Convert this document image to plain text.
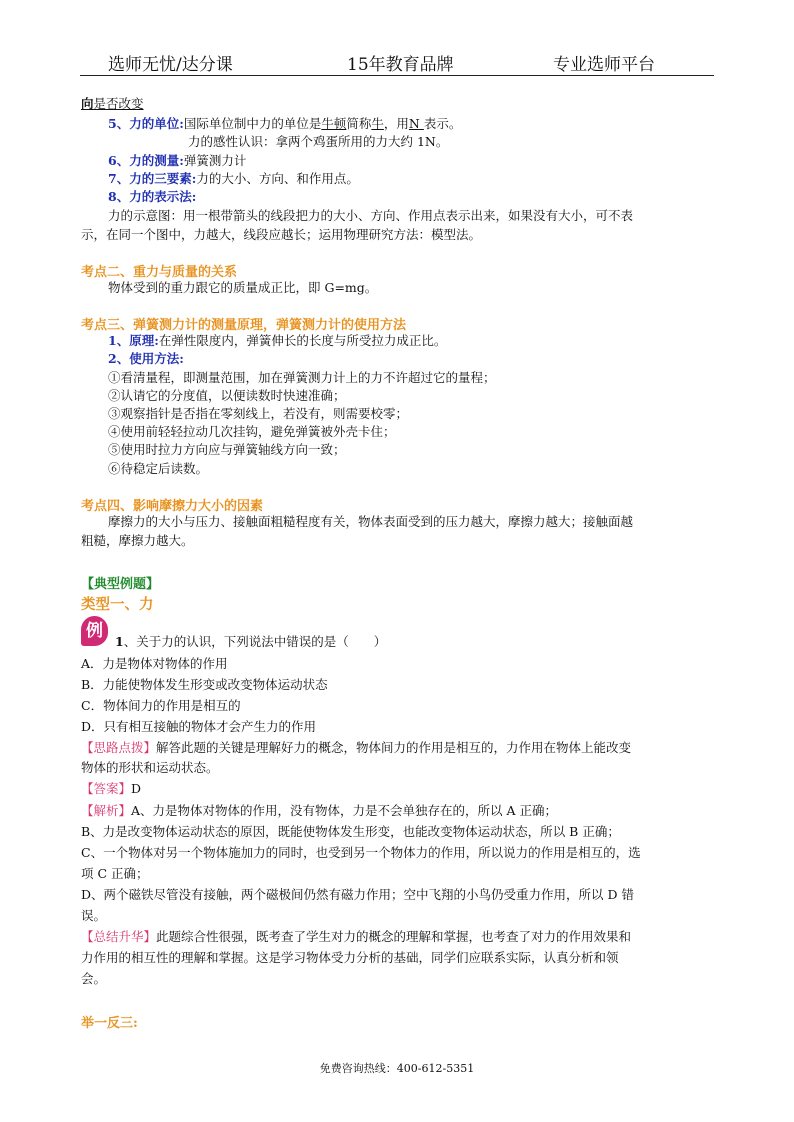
选师无忧/达分课	15年教育品牌	专业选师平台
向是否改变
5、力的单位:国际单位制中力的单位是牛顿简称牛，用N 表示。
力的感性认识：拿两个鸡蛋所用的力大约 1N。
6、力的测量:弹簧测力计
7、力的三要素:力的大小、方向、和作用点。
8、力的表示法:
力的示意图：用一根带箭头的线段把力的大小、方向、作用点表示出来，如果没有大小，可不表
示，在同一个图中，力越大，线段应越长；运用物理研究方法：模型法。
考点二、重力与质量的关系
物体受到的重力跟它的质量成正比，即 G=mg。
考点三、弹簧测力计的测量原理，弹簧测力计的使用方法
1、原理:在弹性限度内，弹簧伸长的长度与所受拉力成正比。
2、使用方法:
①看清量程，即测量范围，加在弹簧测力计上的力不许超过它的量程；
②认请它的分度值，以便读数时快速准确；
③观察指针是否指在零刻线上，若没有，则需要校零；
④使用前轻轻拉动几次挂钩，避免弹簧被外壳卡住；
⑤使用时拉力方向应与弹簧轴线方向一致；
⑥待稳定后读数。
考点四、影响摩擦力大小的因素
摩擦力的大小与压力、接触面粗糙程度有关，物体表面受到的压力越大，摩擦力越大；接触面越
粗糙，摩擦力越大。
【典型例题】
类型一、力
例
1、关于力的认识，下列说法中错误的是（　　）
A．力是物体对物体的作用
B．力能使物体发生形变或改变物体运动状态
C．物体间力的作用是相互的
D．只有相互接触的物体才会产生力的作用
【思路点拨】解答此题的关键是理解好力的概念，物体间力的作用是相互的，力作用在物体上能改变
物体的形状和运动状态。
【答案】D
【解析】A、力是物体对物体的作用，没有物体，力是不会单独存在的，所以 A 正确；
B、力是改变物体运动状态的原因，既能使物体发生形变，也能改变物体运动状态，所以 B 正确；
C、一个物体对另一个物体施加力的同时，也受到另一个物体力的作用，所以说力的作用是相互的，选
项 C 正确；
D、两个磁铁尽管没有接触，两个磁极间仍然有磁力作用；空中飞翔的小鸟仍受重力作用，所以 D 错
误。
【总结升华】此题综合性很强，既考查了学生对力的概念的理解和掌握，也考查了对力的作用效果和
力作用的相互性的理解和掌握。这是学习物体受力分析的基础，同学们应联系实际，认真分析和领
会。
举一反三:
免费咨询热线：400-612-5351
